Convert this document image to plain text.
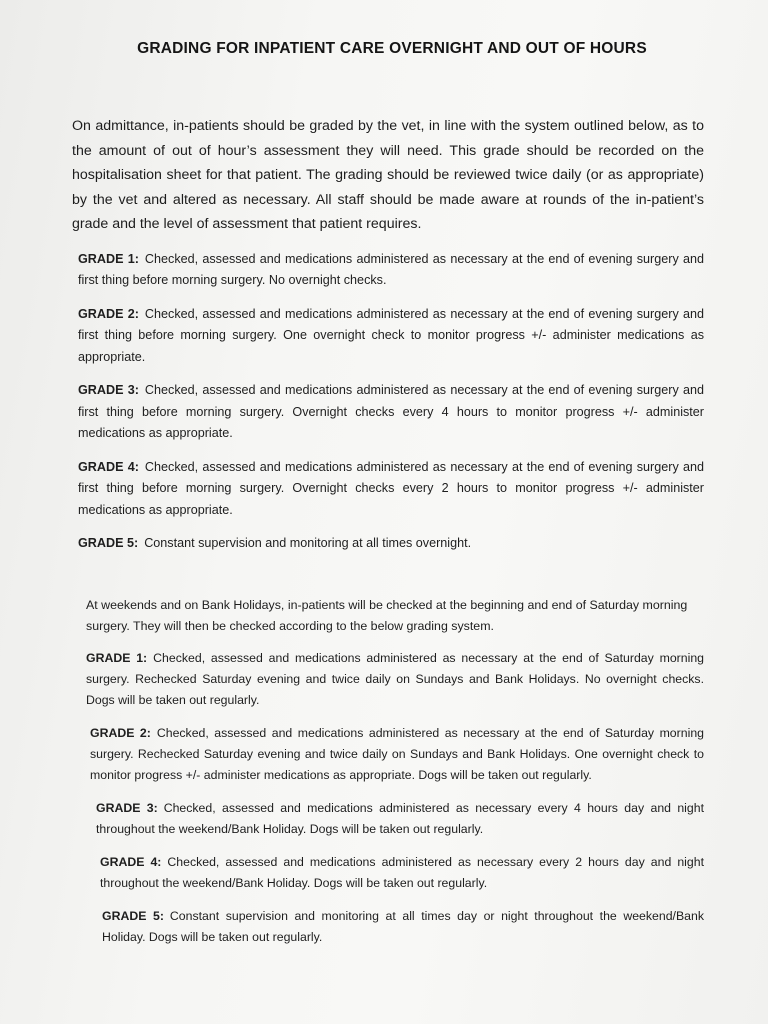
GRADING FOR INPATIENT CARE OVERNIGHT AND OUT OF HOURS

On admittance, in-patients should be graded by the vet, in line with the system outlined below, as to the amount of out of hour’s assessment they will need. This grade should be recorded on the hospitalisation sheet for that patient. The grading should be reviewed twice daily (or as appropriate) by the vet and altered as necessary. All staff should be made aware at rounds of the in-patient’s grade and the level of assessment that patient requires.

GRADE 1: Checked, assessed and medications administered as necessary at the end of evening surgery and first thing before morning surgery. No overnight checks.

GRADE 2: Checked, assessed and medications administered as necessary at the end of evening surgery and first thing before morning surgery. One overnight check to monitor progress +/- administer medications as appropriate.

GRADE 3: Checked, assessed and medications administered as necessary at the end of evening surgery and first thing before morning surgery. Overnight checks every 4 hours to monitor progress +/- administer medications as appropriate.

GRADE 4: Checked, assessed and medications administered as necessary at the end of evening surgery and first thing before morning surgery. Overnight checks every 2 hours to monitor progress +/- administer medications as appropriate.

GRADE 5: Constant supervision and monitoring at all times overnight.

At weekends and on Bank Holidays, in-patients will be checked at the beginning and end of Saturday morning surgery. They will then be checked according to the below grading system.

GRADE 1: Checked, assessed and medications administered as necessary at the end of Saturday morning surgery. Rechecked Saturday evening and twice daily on Sundays and Bank Holidays. No overnight checks. Dogs will be taken out regularly.

GRADE 2: Checked, assessed and medications administered as necessary at the end of Saturday morning surgery. Rechecked Saturday evening and twice daily on Sundays and Bank Holidays. One overnight check to monitor progress +/- administer medications as appropriate. Dogs will be taken out regularly.

GRADE 3: Checked, assessed and medications administered as necessary every 4 hours day and night throughout the weekend/Bank Holiday. Dogs will be taken out regularly.

GRADE 4: Checked, assessed and medications administered as necessary every 2 hours day and night throughout the weekend/Bank Holiday. Dogs will be taken out regularly.

GRADE 5: Constant supervision and monitoring at all times day or night throughout the weekend/Bank Holiday. Dogs will be taken out regularly.
